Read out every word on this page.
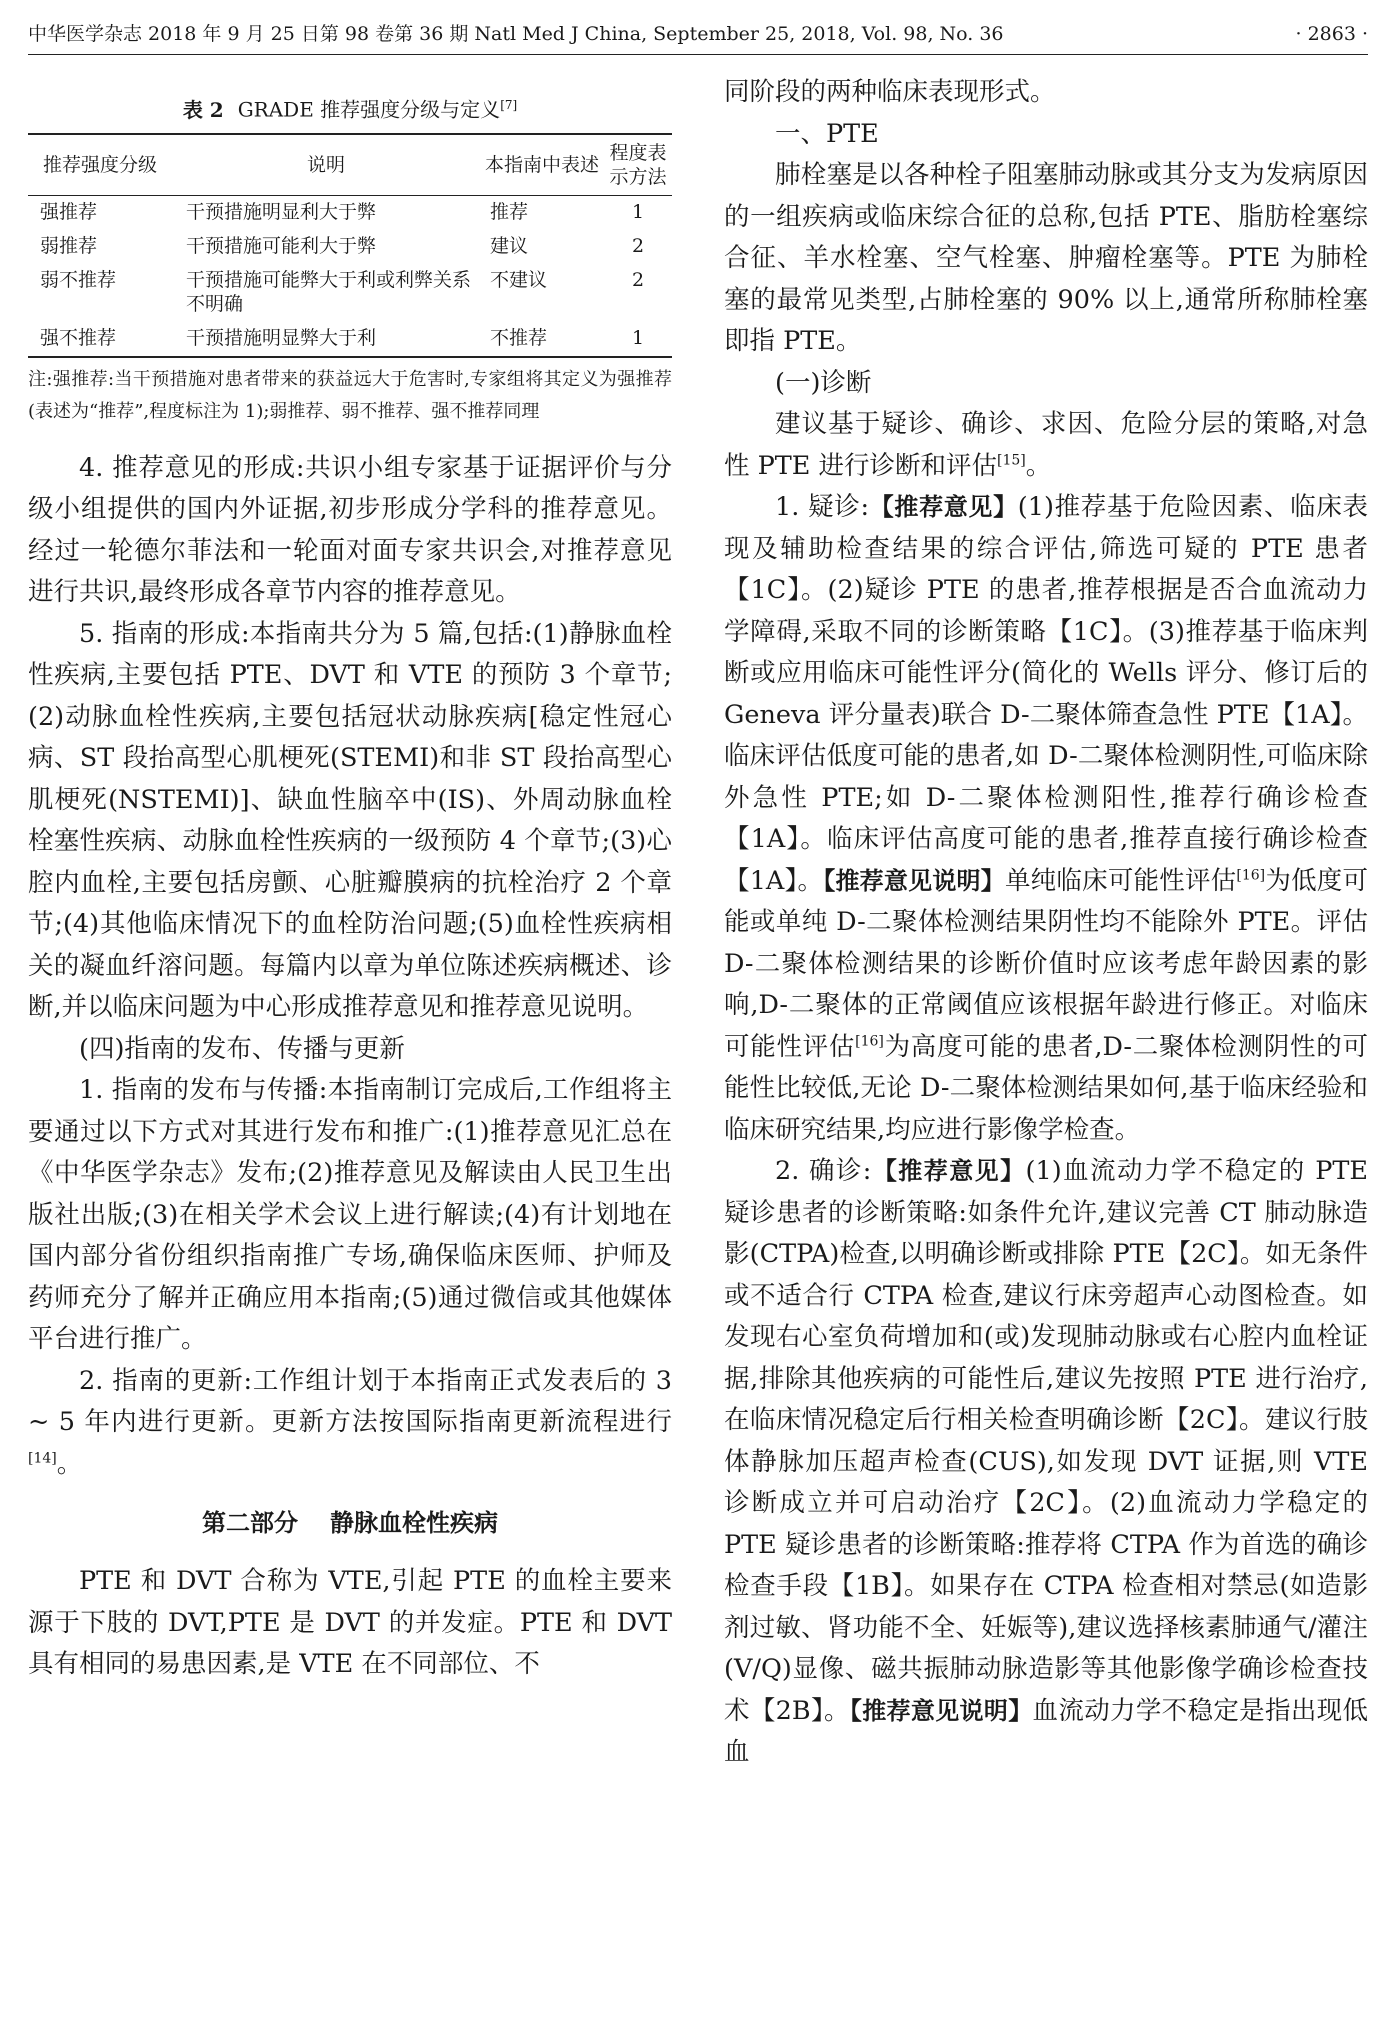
中华医学杂志 2018 年 9 月 25 日第 98 卷第 36 期 Natl Med J China, September 25, 2018, Vol. 98, No. 36	· 2863 ·
表 2 GRADE 推荐强度分级与定义[7]
推荐强度分级	说明	本指南中表述	程度表示方法
强推荐	干预措施明显利大于弊	推荐	1
弱推荐	干预措施可能利大于弊	建议	2
弱不推荐	干预措施可能弊大于利或利弊关系不明确	不建议	2
强不推荐	干预措施明显弊大于利	不推荐	1
注:强推荐:当干预措施对患者带来的获益远大于危害时,专家组将其定义为强推荐(表述为“推荐”,程度标注为 1);弱推荐、弱不推荐、强不推荐同理

4. 推荐意见的形成:共识小组专家基于证据评价与分级小组提供的国内外证据,初步形成分学科的推荐意见。经过一轮德尔菲法和一轮面对面专家共识会,对推荐意见进行共识,最终形成各章节内容的推荐意见。

5. 指南的形成:本指南共分为 5 篇,包括:(1)静脉血栓性疾病,主要包括 PTE、DVT 和 VTE 的预防 3 个章节;(2)动脉血栓性疾病,主要包括冠状动脉疾病[稳定性冠心病、ST 段抬高型心肌梗死(STEMI)和非 ST 段抬高型心肌梗死(NSTEMI)]、缺血性脑卒中(IS)、外周动脉血栓栓塞性疾病、动脉血栓性疾病的一级预防 4 个章节;(3)心腔内血栓,主要包括房颤、心脏瓣膜病的抗栓治疗 2 个章节;(4)其他临床情况下的血栓防治问题;(5)血栓性疾病相关的凝血纤溶问题。每篇内以章为单位陈述疾病概述、诊断,并以临床问题为中心形成推荐意见和推荐意见说明。

(四)指南的发布、传播与更新

1. 指南的发布与传播:本指南制订完成后,工作组将主要通过以下方式对其进行发布和推广:(1)推荐意见汇总在《中华医学杂志》发布;(2)推荐意见及解读由人民卫生出版社出版;(3)在相关学术会议上进行解读;(4)有计划地在国内部分省份组织指南推广专场,确保临床医师、护师及药师充分了解并正确应用本指南;(5)通过微信或其他媒体平台进行推广。

2. 指南的更新:工作组计划于本指南正式发表后的 3 ~ 5 年内进行更新。更新方法按国际指南更新流程进行[14]。

第二部分 静脉血栓性疾病

PTE 和 DVT 合称为 VTE,引起 PTE 的血栓主要来源于下肢的 DVT,PTE 是 DVT 的并发症。PTE 和 DVT 具有相同的易患因素,是 VTE 在不同部位、不

同阶段的两种临床表现形式。

一、PTE

肺栓塞是以各种栓子阻塞肺动脉或其分支为发病原因的一组疾病或临床综合征的总称,包括 PTE、脂肪栓塞综合征、羊水栓塞、空气栓塞、肿瘤栓塞等。PTE 为肺栓塞的最常见类型,占肺栓塞的 90% 以上,通常所称肺栓塞即指 PTE。

(一)诊断

建议基于疑诊、确诊、求因、危险分层的策略,对急性 PTE 进行诊断和评估[15]。

1. 疑诊:【推荐意见】(1)推荐基于危险因素、临床表现及辅助检查结果的综合评估,筛选可疑的 PTE 患者【1C】。(2)疑诊 PTE 的患者,推荐根据是否合血流动力学障碍,采取不同的诊断策略【1C】。(3)推荐基于临床判断或应用临床可能性评分(简化的 Wells 评分、修订后的 Geneva 评分量表)联合 D-二聚体筛查急性 PTE【1A】。临床评估低度可能的患者,如 D-二聚体检测阴性,可临床除外急性 PTE;如 D-二聚体检测阳性,推荐行确诊检查【1A】。临床评估高度可能的患者,推荐直接行确诊检查【1A】。【推荐意见说明】单纯临床可能性评估[16]为低度可能或单纯 D-二聚体检测结果阴性均不能除外 PTE。评估 D-二聚体检测结果的诊断价值时应该考虑年龄因素的影响,D-二聚体的正常阈值应该根据年龄进行修正。对临床可能性评估[16]为高度可能的患者,D-二聚体检测阴性的可能性比较低,无论 D-二聚体检测结果如何,基于临床经验和临床研究结果,均应进行影像学检查。

2. 确诊:【推荐意见】(1)血流动力学不稳定的 PTE 疑诊患者的诊断策略:如条件允许,建议完善 CT 肺动脉造影(CTPA)检查,以明确诊断或排除 PTE【2C】。如无条件或不适合行 CTPA 检查,建议行床旁超声心动图检查。如发现右心室负荷增加和(或)发现肺动脉或右心腔内血栓证据,排除其他疾病的可能性后,建议先按照 PTE 进行治疗,在临床情况稳定后行相关检查明确诊断【2C】。建议行肢体静脉加压超声检查(CUS),如发现 DVT 证据,则 VTE 诊断成立并可启动治疗【2C】。(2)血流动力学稳定的 PTE 疑诊患者的诊断策略:推荐将 CTPA 作为首选的确诊检查手段【1B】。如果存在 CTPA 检查相对禁忌(如造影剂过敏、肾功能不全、妊娠等),建议选择核素肺通气/灌注(V/Q)显像、磁共振肺动脉造影等其他影像学确诊检查技术【2B】。【推荐意见说明】血流动力学不稳定是指出现低血
